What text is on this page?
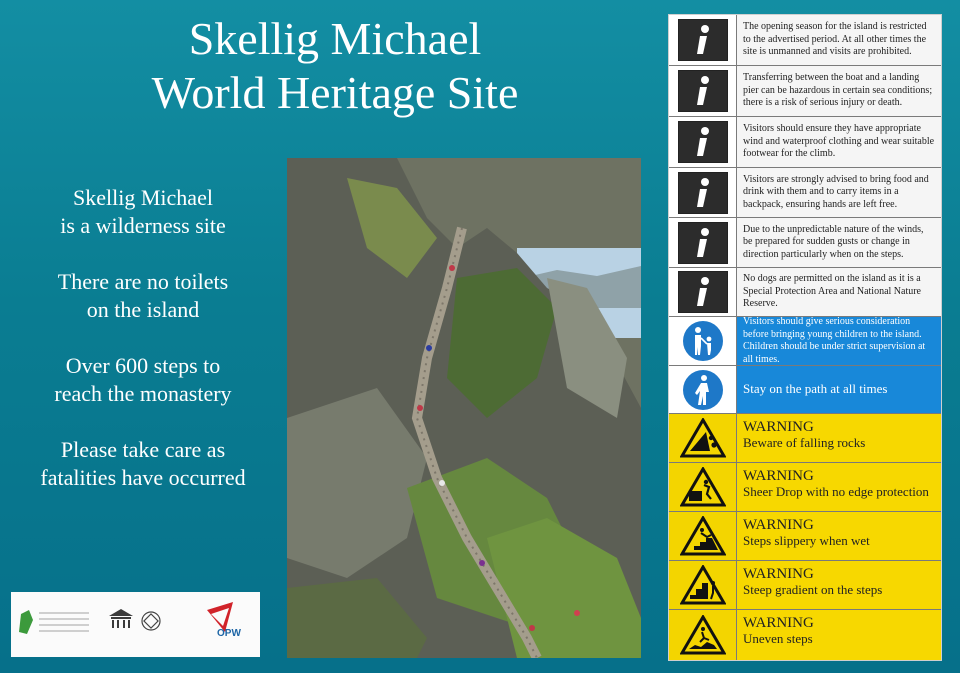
Skellig Michael
World Heritage Site

Skellig Michael
is a wilderness site

There are no toilets
on the island

Over 600 steps to
reach the monastery

Please take care as
fatalities have occurred

OPW
The opening season for the island is restricted to the advertised period. At all other times the site is unmanned and visits are prohibited.
Transferring between the boat and a landing pier can be hazardous in certain sea conditions; there is a risk of serious injury or death.
Visitors should ensure they have appropriate wind and waterproof clothing and wear suitable footwear for the climb.
Visitors are strongly advised to bring food and drink with them and to carry items in a backpack, ensuring hands are left free.
Due to the unpredictable nature of the winds, be prepared for sudden gusts or change in direction particularly when on the steps.
No dogs are permitted on the island as it is a Special Protection Area and National Nature Reserve.
Visitors should give serious consideration before bringing young children to the island. Children should be under strict supervision at all times.
Stay on the path at all times
WARNING
Beware of falling rocks
WARNING
Sheer Drop with no edge protection
WARNING
Steps slippery when wet
WARNING
Steep gradient on the steps
WARNING
Uneven steps
